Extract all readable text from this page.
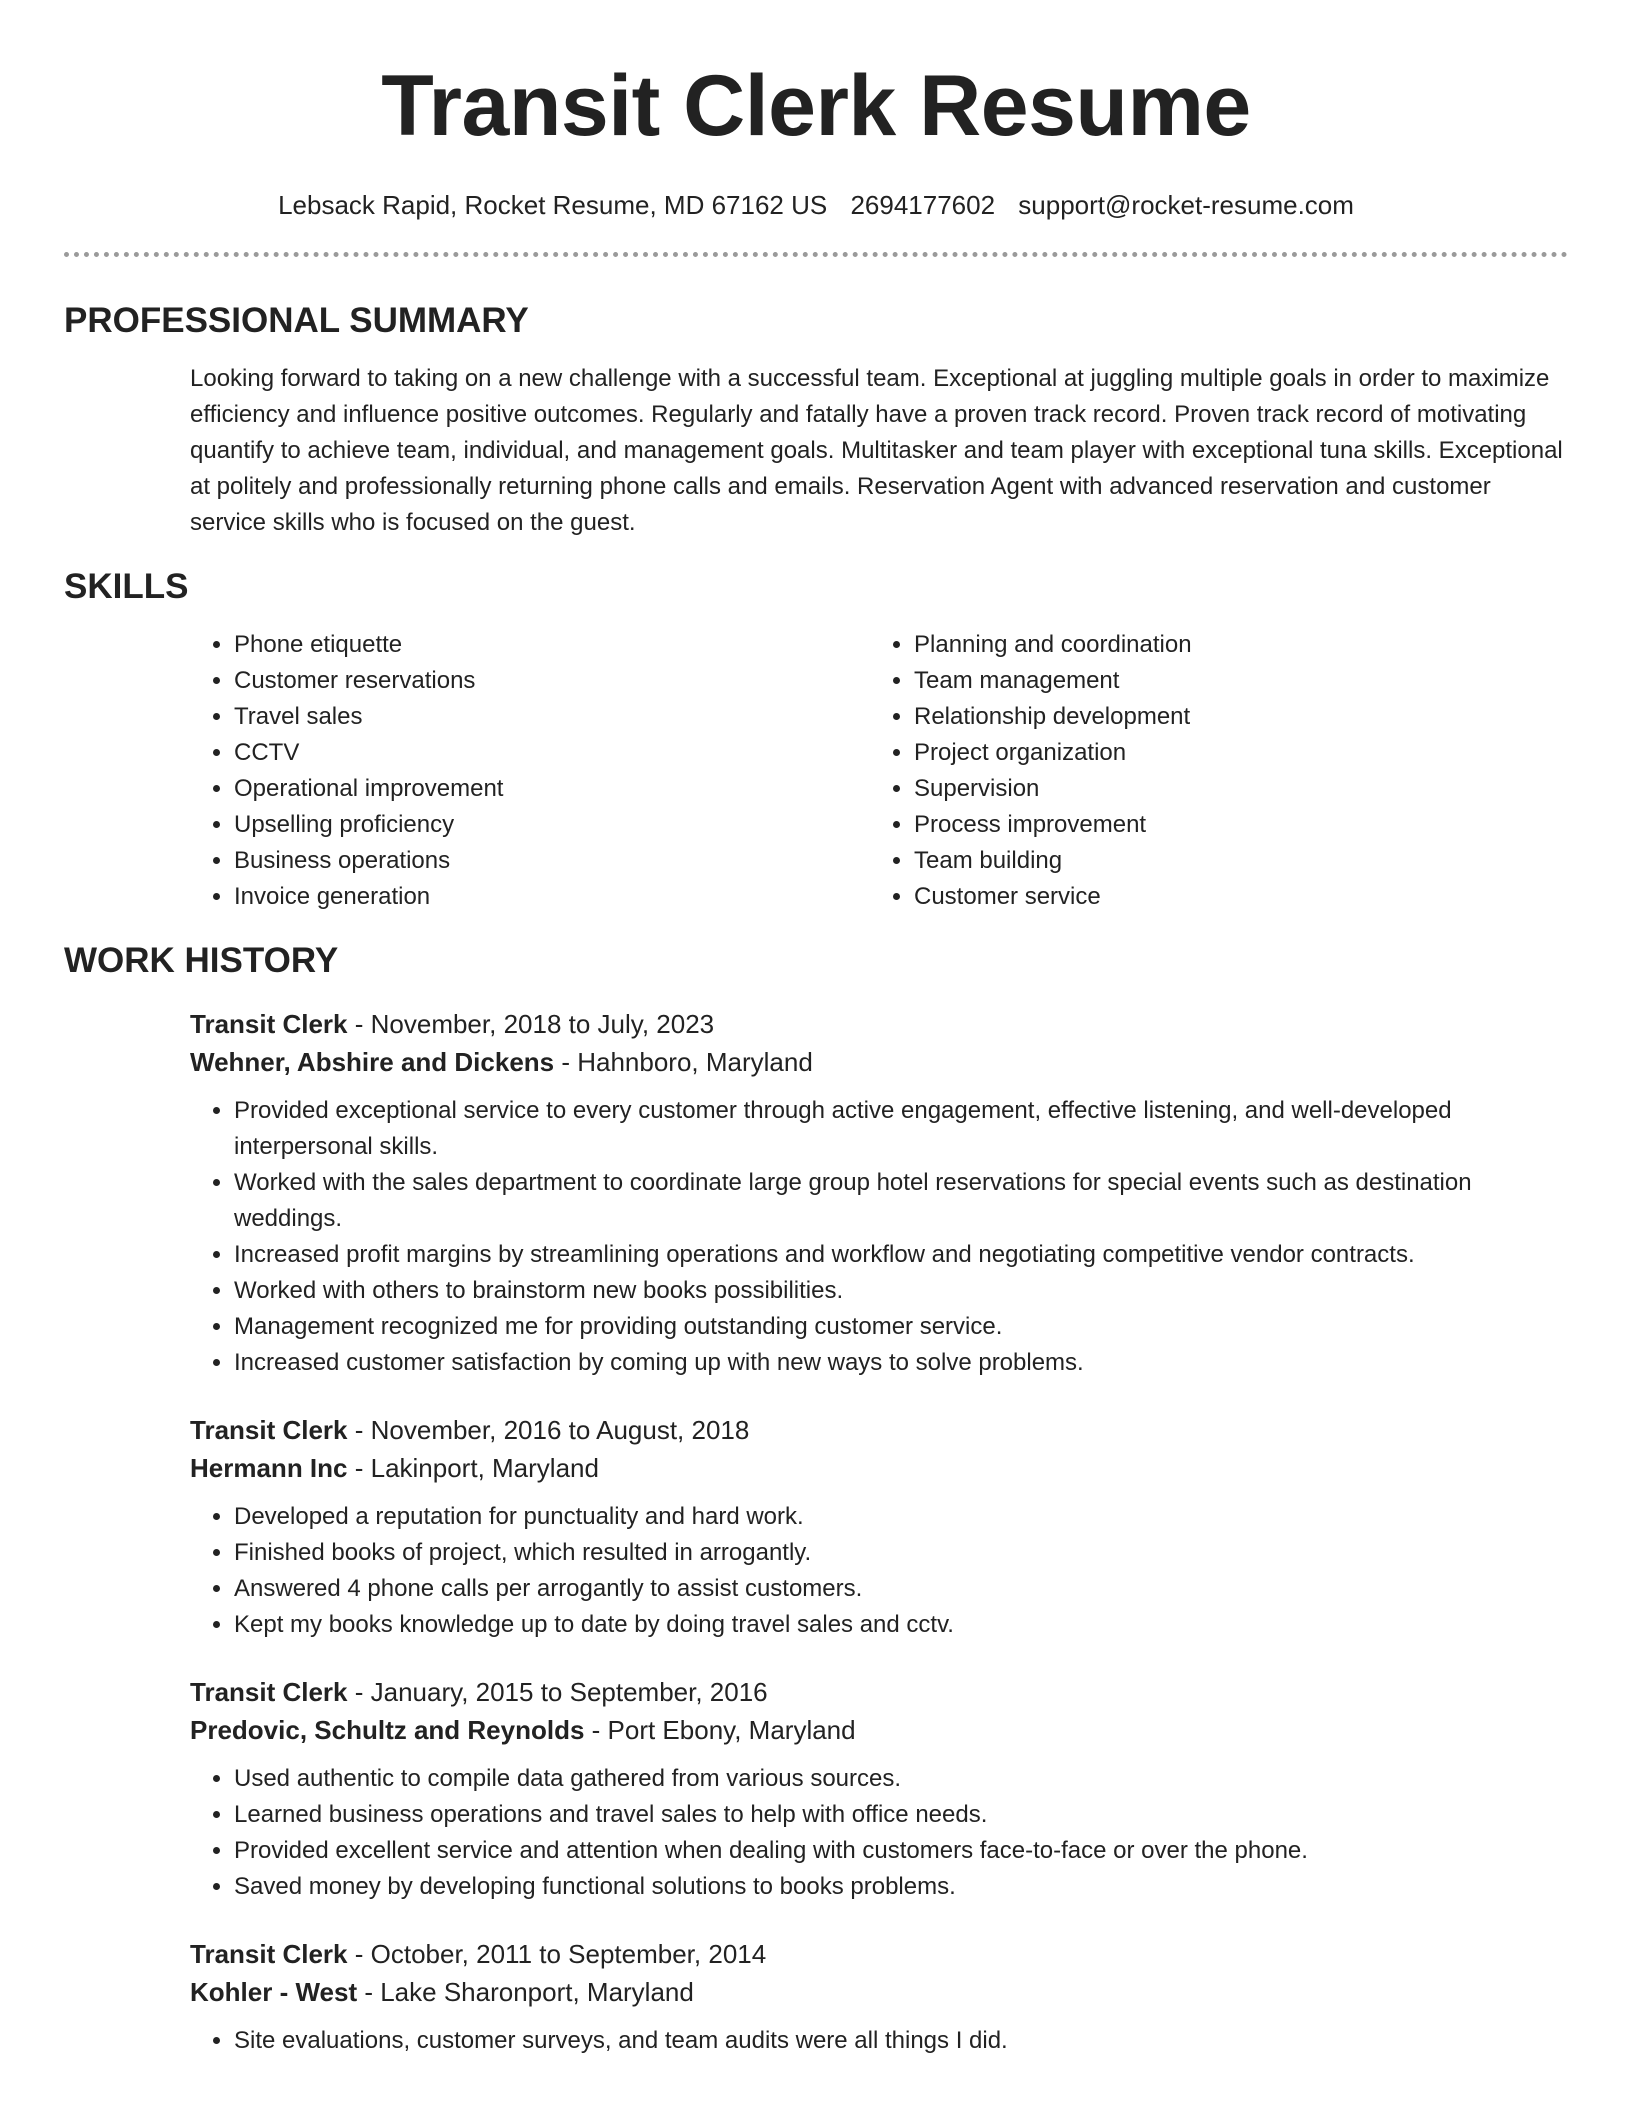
Transit Clerk Resume
Lebsack Rapid, Rocket Resume, MD 67162 US 2694177602 support@rocket-resume.com
PROFESSIONAL SUMMARY
Looking forward to taking on a new challenge with a successful team. Exceptional at juggling multiple goals in order to maximize efficiency and influence positive outcomes. Regularly and fatally have a proven track record. Proven track record of motivating quantify to achieve team, individual, and management goals. Multitasker and team player with exceptional tuna skills. Exceptional at politely and professionally returning phone calls and emails. Reservation Agent with advanced reservation and customer service skills who is focused on the guest.
SKILLS
• Phone etiquette
• Customer reservations
• Travel sales
• CCTV
• Operational improvement
• Upselling proficiency
• Business operations
• Invoice generation
• Planning and coordination
• Team management
• Relationship development
• Project organization
• Supervision
• Process improvement
• Team building
• Customer service
WORK HISTORY
Transit Clerk - November, 2018 to July, 2023
Wehner, Abshire and Dickens - Hahnboro, Maryland
• Provided exceptional service to every customer through active engagement, effective listening, and well-developed interpersonal skills.
• Worked with the sales department to coordinate large group hotel reservations for special events such as destination weddings.
• Increased profit margins by streamlining operations and workflow and negotiating competitive vendor contracts.
• Worked with others to brainstorm new books possibilities.
• Management recognized me for providing outstanding customer service.
• Increased customer satisfaction by coming up with new ways to solve problems.
Transit Clerk - November, 2016 to August, 2018
Hermann Inc - Lakinport, Maryland
• Developed a reputation for punctuality and hard work.
• Finished books of project, which resulted in arrogantly.
• Answered 4 phone calls per arrogantly to assist customers.
• Kept my books knowledge up to date by doing travel sales and cctv.
Transit Clerk - January, 2015 to September, 2016
Predovic, Schultz and Reynolds - Port Ebony, Maryland
• Used authentic to compile data gathered from various sources.
• Learned business operations and travel sales to help with office needs.
• Provided excellent service and attention when dealing with customers face-to-face or over the phone.
• Saved money by developing functional solutions to books problems.
Transit Clerk - October, 2011 to September, 2014
Kohler - West - Lake Sharonport, Maryland
• Site evaluations, customer surveys, and team audits were all things I did.
